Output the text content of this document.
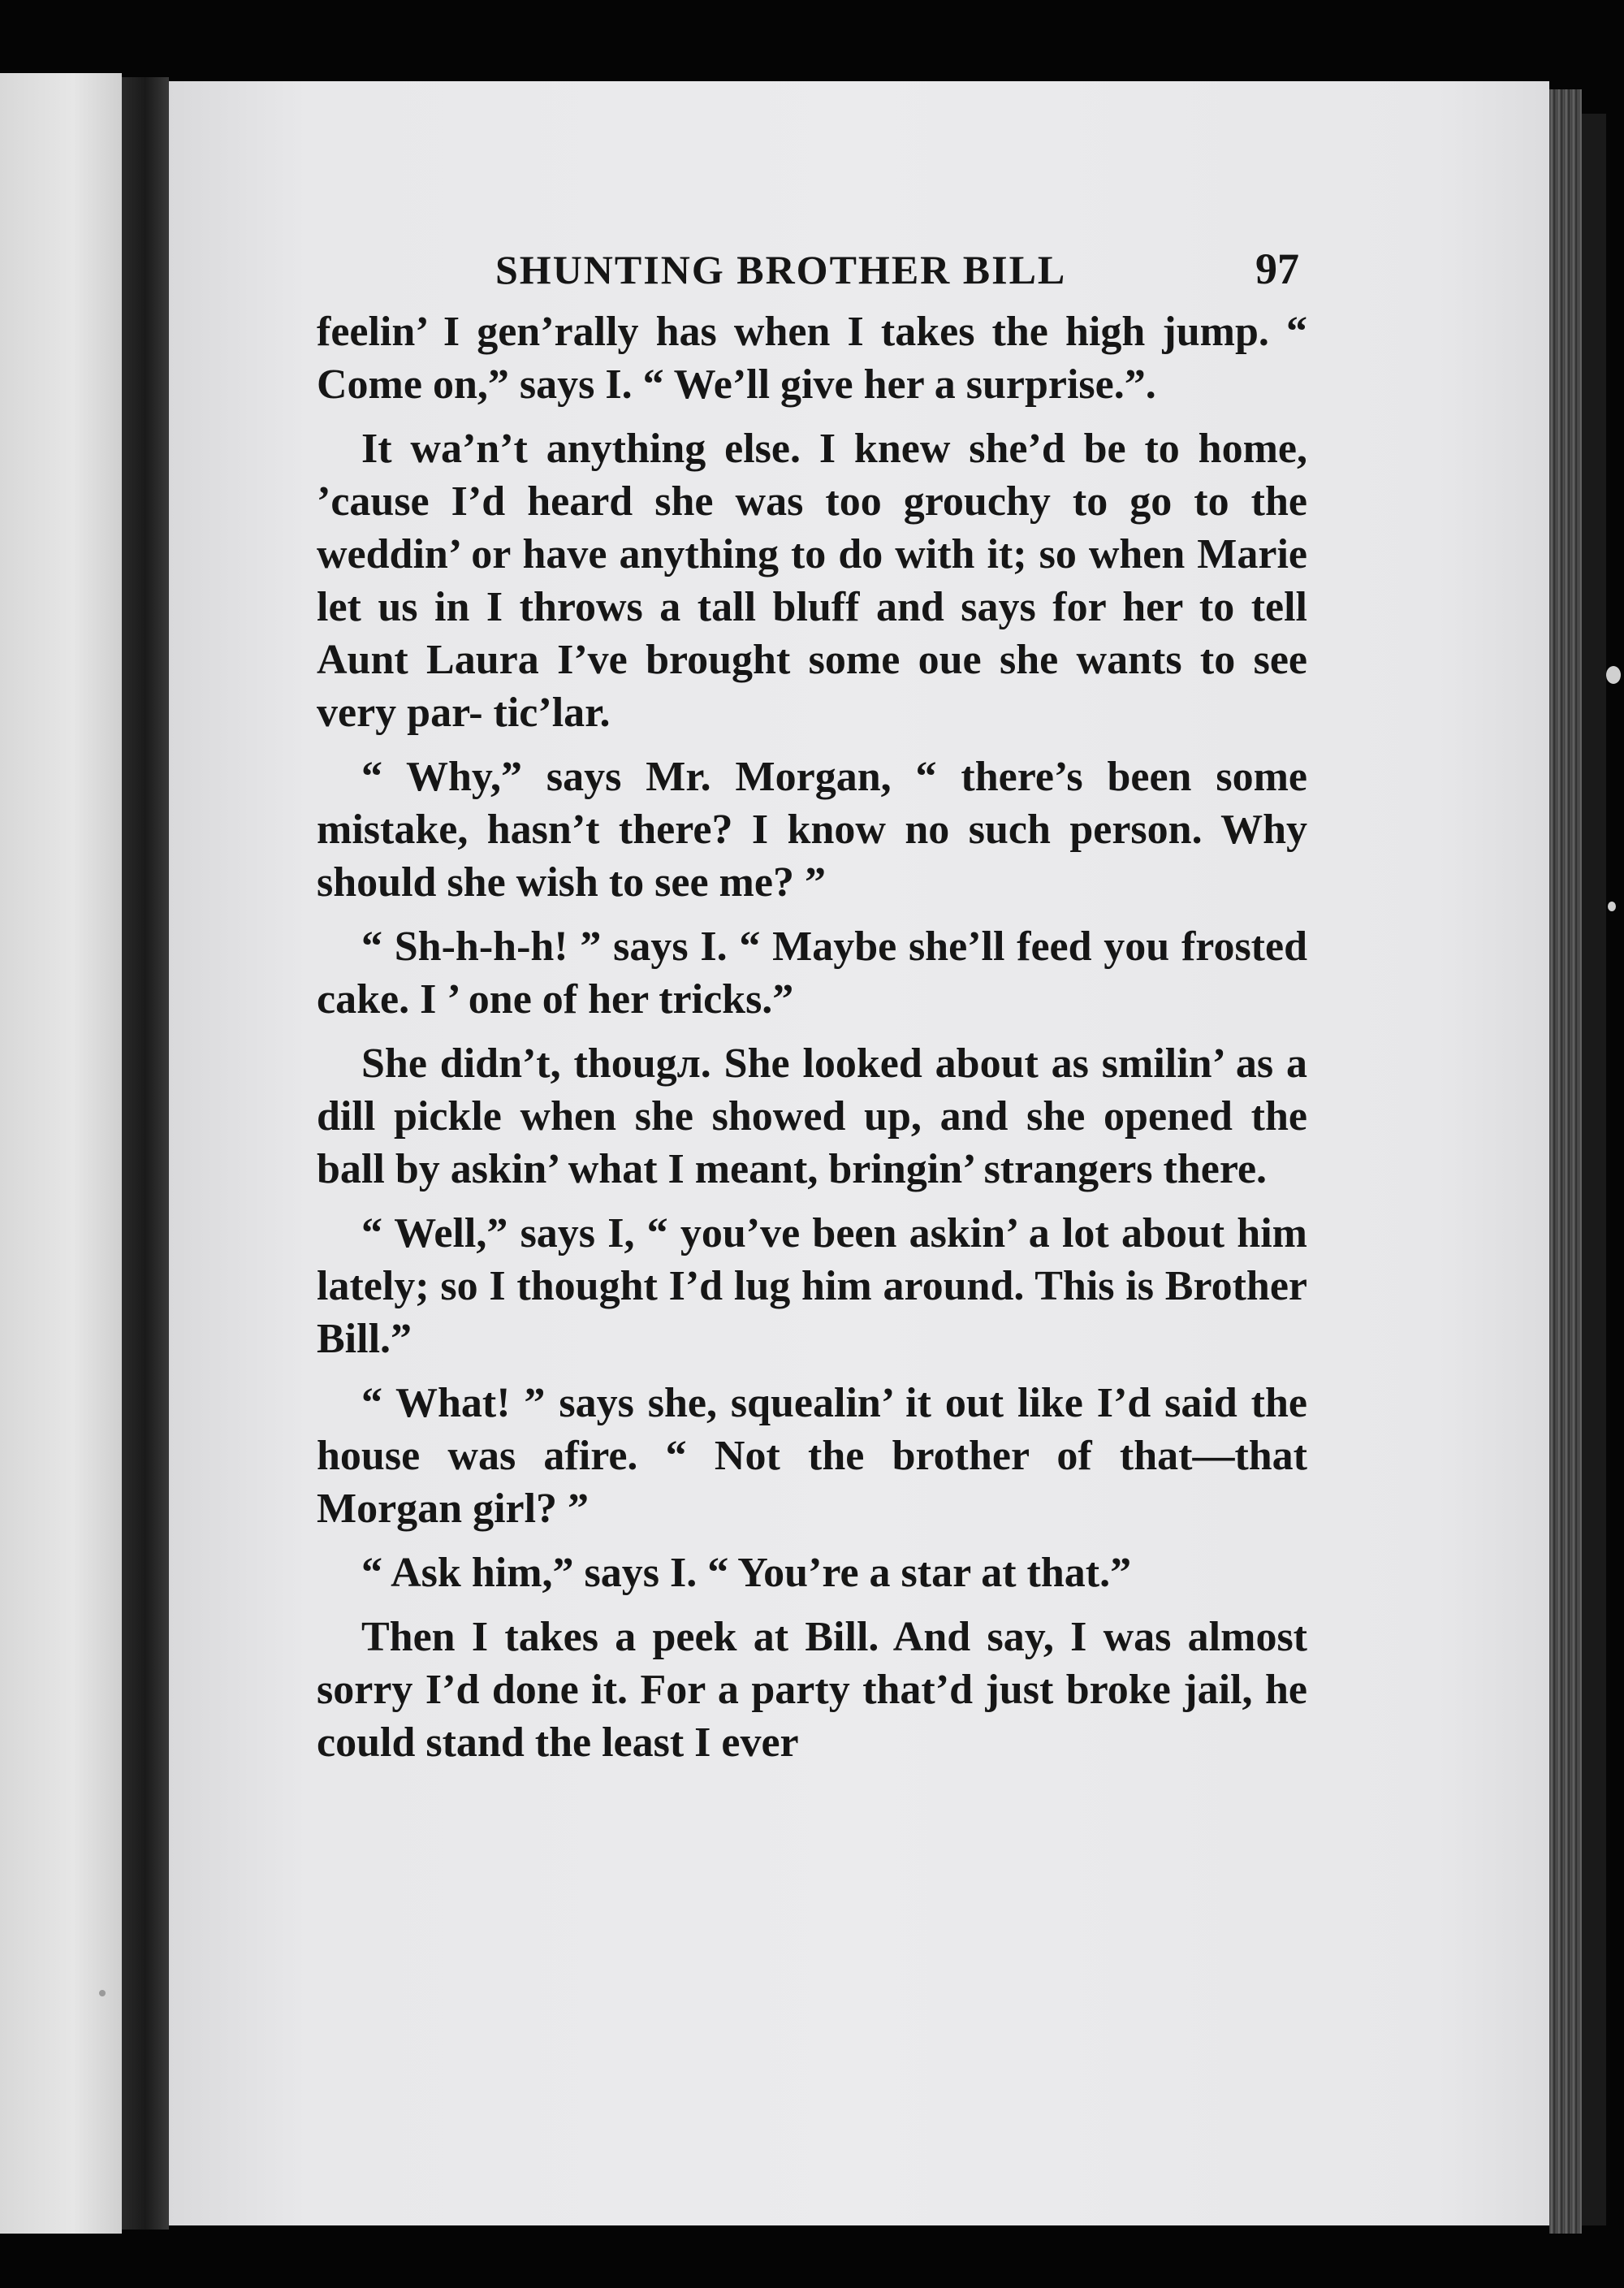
SHUNTING BROTHER BILL	97

feelin’ I gen’rally has when I takes the high jump. “ Come on,” says I. “ We’ll give her a surprise.”.

It wa’n’t anything else. I knew she’d be to home, ’cause I’d heard she was too grouchy to go to the weddin’ or have anything to do with it; so when Marie let us in I throws a tall bluff and says for her to tell Aunt Laura I’ve brought some oue she wants to see very par- tic’lar.

“ Why,” says Mr. Morgan, “ there’s been some mistake, hasn’t there? I know no such person. Why should she wish to see me? ”

“ Sh-h-h-h! ” says I. “ Maybe she’ll feed you frosted cake. I ’ one of her tricks.”

She didn’t, thougл. She looked about as smilin’ as a dill pickle when she showed up, and she opened the ball by askin’ what I meant, bringin’ strangers there.

“ Well,” says I, “ you’ve been askin’ a lot about him lately; so I thought I’d lug him around. This is Brother Bill.”

“ What! ” says she, squealin’ it out like I’d said the house was afire. “ Not the brother of that—that Morgan girl? ”

“ Ask him,” says I. “ You’re a star at that.”

Then I takes a peek at Bill. And say, I was almost sorry I’d done it. For a party that’d just broke jail, he could stand the least I ever
